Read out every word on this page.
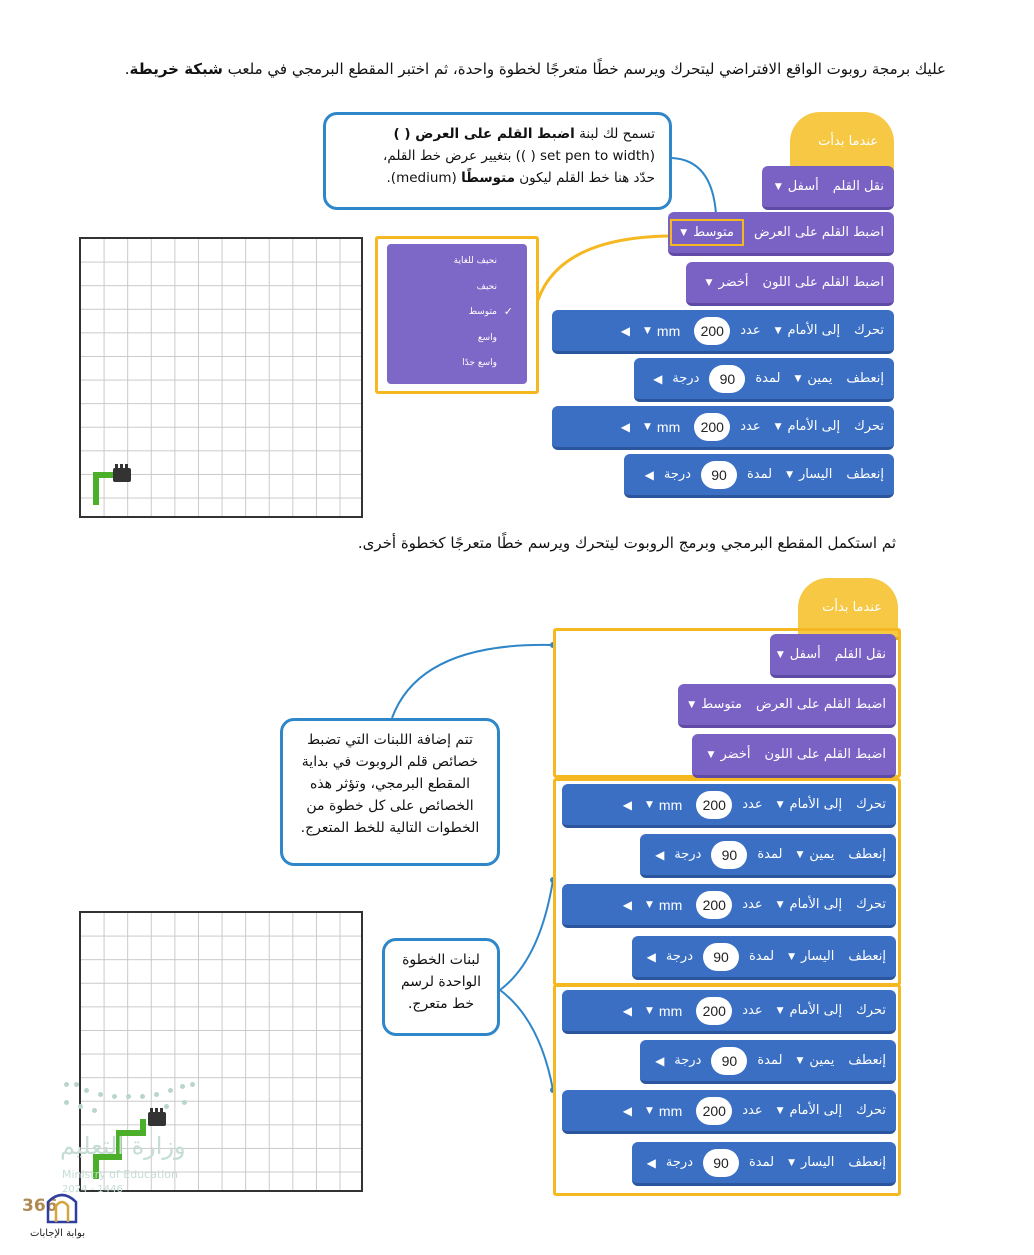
عليك برمجة روبوت الواقع الافتراضي ليتحرك ويرسم خطًا متعرجًا لخطوة واحدة، ثم اختبر المقطع البرمجي في ملعب شبكة خريطة.
تسمح لك لبنة اضبط القلم على العرض ( )
(set pen to width ( )) بتغيير عرض خط القلم،
حدّد هنا خط القلم ليكون متوسطًا (medium).
نحيف للغاية
نحيف
✓
متوسط
واسع
واسع جدًا
عندما بدأت
نقل القلم
أسفل
▼
اضبط القلم على العرض
متوسط
▼
اضبط القلم على اللون
أخضر
▼
تحرك
إلى الأمام
▼
عدد
200
mm
▼
◀
إنعطف
يمين
▼
لمدة
90
درجة
◀
تحرك
إلى الأمام
▼
عدد
200
mm
▼
◀
إنعطف
اليسار
▼
لمدة
90
درجة
◀
ثم استكمل المقطع البرمجي وبرمج الروبوت ليتحرك ويرسم خطًا متعرجًا كخطوة أخرى.
تتم إضافة اللبنات التي تضبط
خصائص قلم الروبوت في بداية
المقطع البرمجي، وتؤثر هذه
الخصائص على كل خطوة من
الخطوات التالية للخط المتعرج.
لبنات الخطوة
الواحدة لرسم
خط متعرج.
عندما بدأت
نقل القلم
أسفل
▼
اضبط القلم على العرض
متوسط
▼
اضبط القلم على اللون
أخضر
▼
تحرك
إلى الأمام
▼
عدد
200
mm
▼
◀
إنعطف
يمين
▼
لمدة
90
درجة
◀
تحرك
إلى الأمام
▼
عدد
200
mm
▼
◀
إنعطف
اليسار
▼
لمدة
90
درجة
◀
تحرك
إلى الأمام
▼
عدد
200
mm
▼
◀
إنعطف
يمين
▼
لمدة
90
درجة
◀
تحرك
إلى الأمام
▼
عدد
200
mm
▼
◀
إنعطف
اليسار
▼
لمدة
90
درجة
◀
وزارة التعليم
Ministry of Education
2024 - 1446
366
بوابة الإجابات
